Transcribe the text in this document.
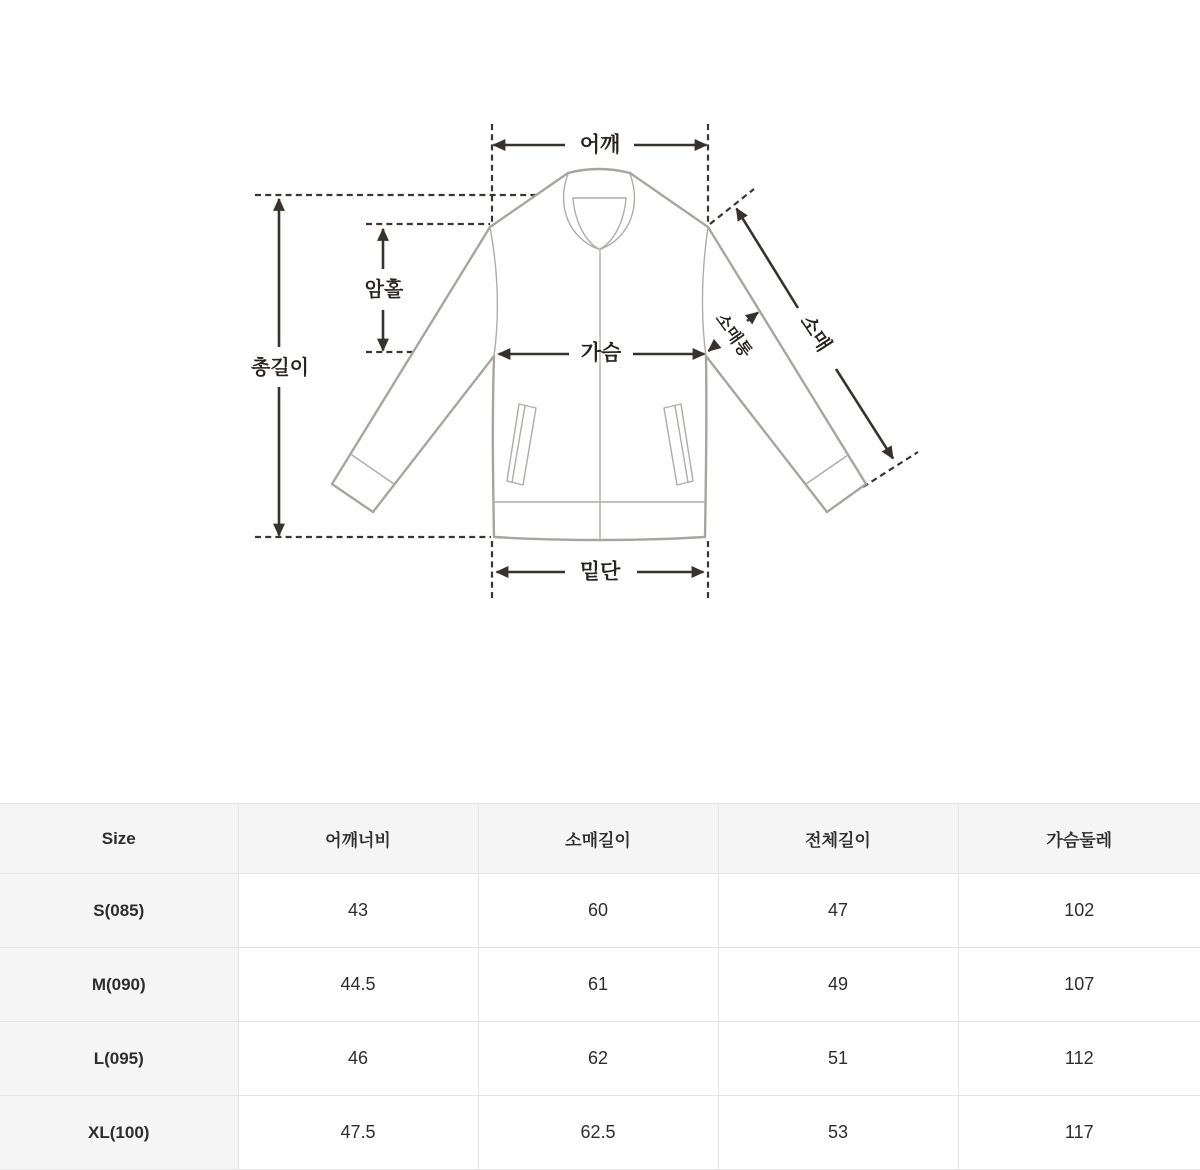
어깨
총길이
암홀
가슴	소매통 소매
밑단
Size	어깨너비	소매길이	전체길이	가슴둘레
S(085)	43	60	47	102
M(090)	44.5	61	49	107
L(095)	46	62	51	112
XL(100)	47.5	62.5	53	117
